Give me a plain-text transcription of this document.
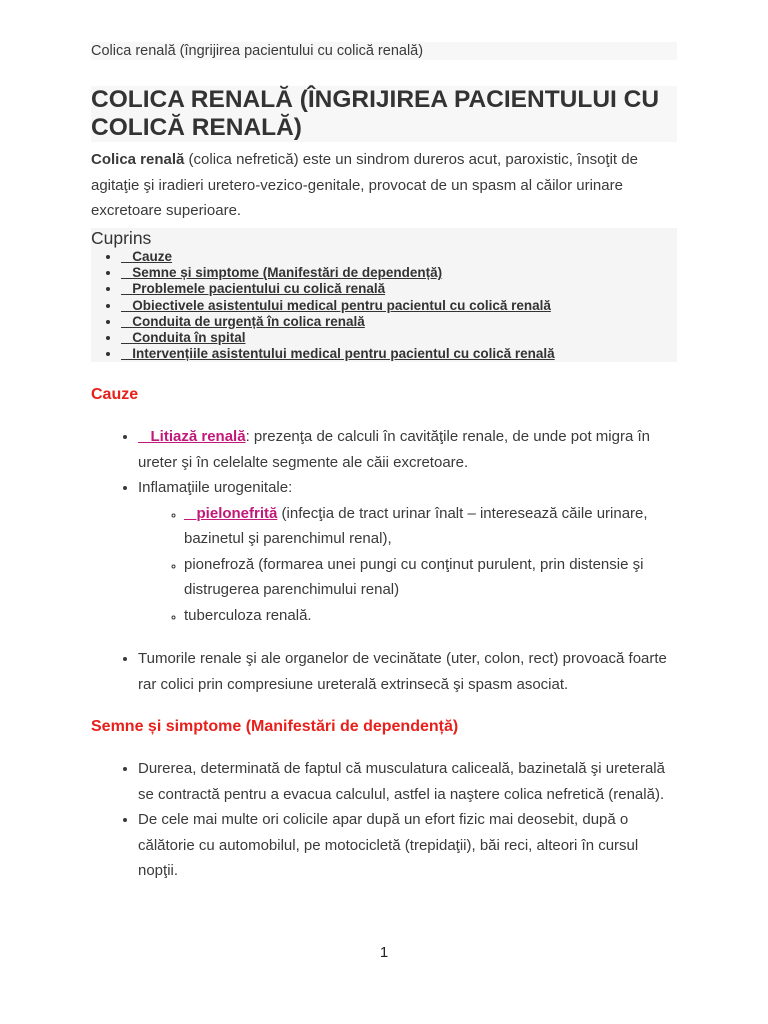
Colica renală (îngrijirea pacientului cu colică renală)
COLICA RENALĂ (ÎNGRIJIREA PACIENTULUI CU COLICĂ RENALĂ)

Colica renală (colica nefretică) este un sindrom dureros acut, paroxistic, însoţit de agitaţie şi iradieri uretero-vezico-genitale, provocat de un spasm al căilor urinare excretoare superioare.

Cuprins
• Cauze
• Semne și simptome (Manifestări de dependență)
• Problemele pacientului cu colică renală
• Obiectivele asistentului medical pentru pacientul cu colică renală
• Conduita de urgență în colica renală
• Conduita în spital
• Intervențiile asistentului medical pentru pacientul cu colică renală
Cauze
• Litiază renală: prezenţa de calculi în cavităţile renale, de unde pot migra în ureter şi în celelalte segmente ale căii excretoare.
• Inflamaţiile urogenitale:
◦ pielonefrită (infecţia de tract urinar înalt – interesează căile urinare, bazinetul şi parenchimul renal),
◦ pionefroză (formarea unei pungi cu conţinut purulent, prin distensie şi distrugerea parenchimului renal)
◦ tuberculoza renală.
• Tumorile renale şi ale organelor de vecinătate (uter, colon, rect) provoacă foarte rar colici prin compresiune ureterală extrinsecă şi spasm asociat.
Semne și simptome (Manifestări de dependență)
• Durerea, determinată de faptul că musculatura caliceală, bazinetală şi ureterală se contractă pentru a evacua calculul, astfel ia naştere colica nefretică (renală).
• De cele mai multe ori colicile apar după un efort fizic mai deosebit, după o călătorie cu automobilul, pe motocicletă (trepidaţii), băi reci, alteori în cursul nopţii.
1
